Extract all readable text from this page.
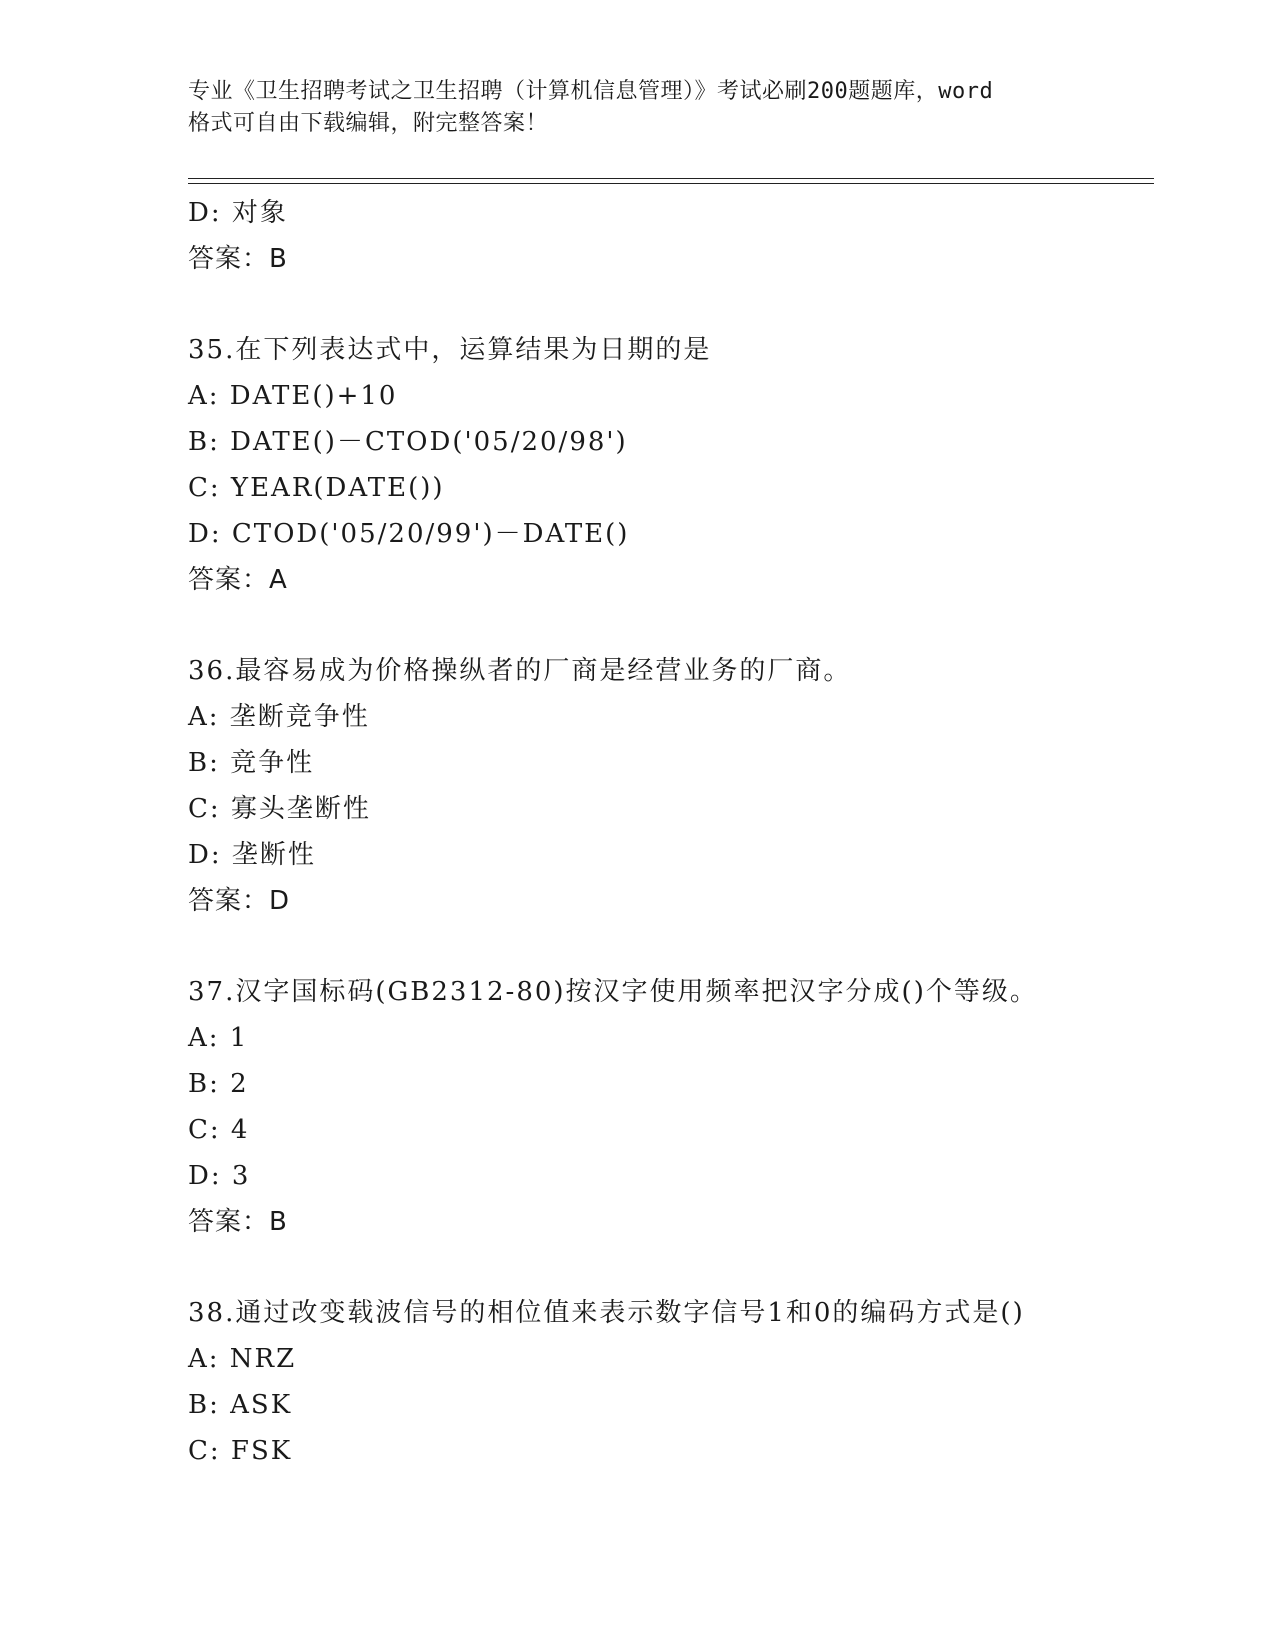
专业《卫生招聘考试之卫生招聘（计算机信息管理）》考试必刷200题题库，word
格式可自由下载编辑，附完整答案！
D: 对象
答案：B
35.在下列表达式中，运算结果为日期的是
A: DATE()+10
B: DATE()－CTOD('05/20/98')
C: YEAR(DATE())
D: CTOD('05/20/99')－DATE()
答案：A
36.最容易成为价格操纵者的厂商是经营业务的厂商。
A: 垄断竞争性
B: 竞争性
C: 寡头垄断性
D: 垄断性
答案：D
37.汉字国标码(GB2312-80)按汉字使用频率把汉字分成()个等级。
A: 1
B: 2
C: 4
D: 3
答案：B
38.通过改变载波信号的相位值来表示数字信号1和0的编码方式是()
A: NRZ
B: ASK
C: FSK
